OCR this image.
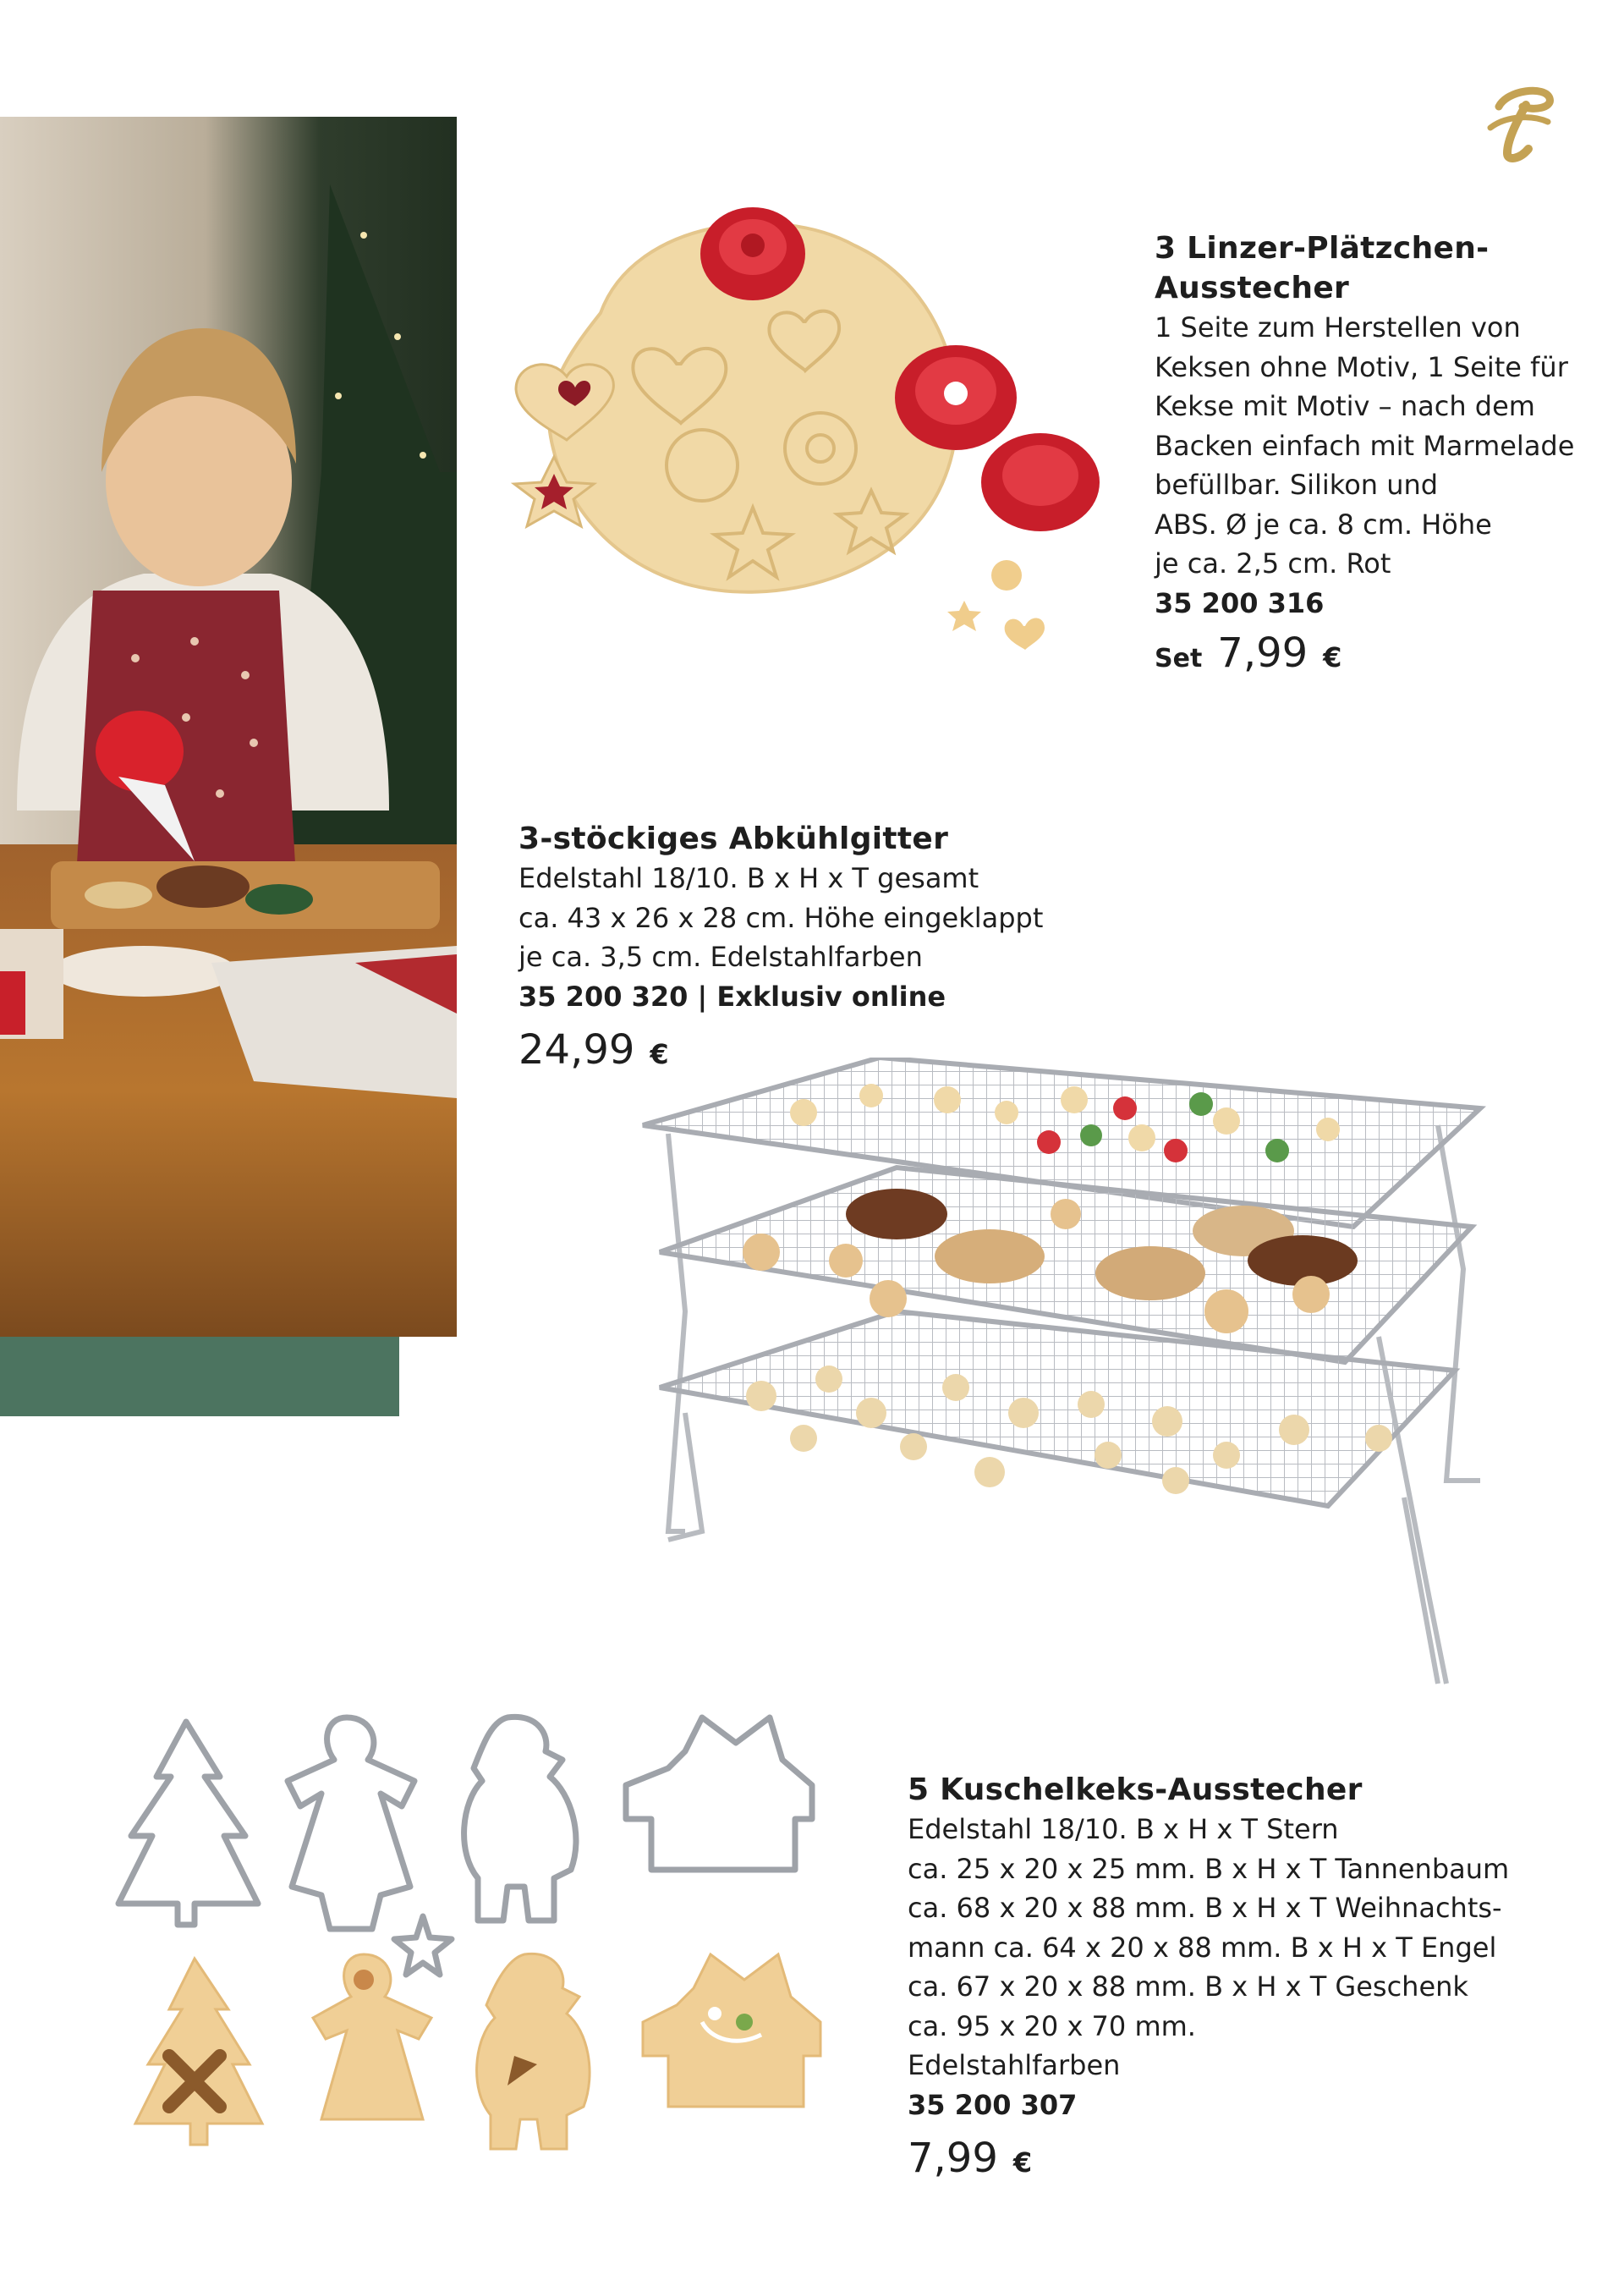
3 Linzer-Plätzchen-
Ausstecher
1 Seite zum Herstellen von
Keksen ohne Motiv, 1 Seite für
Kekse mit Motiv – nach dem
Backen einfach mit Marmelade
befüllbar. Silikon und
ABS. Ø je ca. 8 cm. Höhe
je ca. 2,5 cm. Rot
35 200 316
Set 7,99 €
3-stöckiges Abkühlgitter
Edelstahl 18/10. B x H x T gesamt
ca. 43 x 26 x 28 cm. Höhe eingeklappt
je ca. 3,5 cm. Edelstahlfarben
35 200 320 | Exklusiv online
24,99 €
5 Kuschelkeks-Ausstecher
Edelstahl 18/10. B x H x T Stern
ca. 25 x 20 x 25 mm. B x H x T Tannenbaum
ca. 68 x 20 x 88 mm. B x H x T Weihnachts-
mann ca. 64 x 20 x 88 mm. B x H x T Engel
ca. 67 x 20 x 88 mm. B x H x T Geschenk
ca. 95 x 20 x 70 mm.
Edelstahlfarben
35 200 307
7,99 €
